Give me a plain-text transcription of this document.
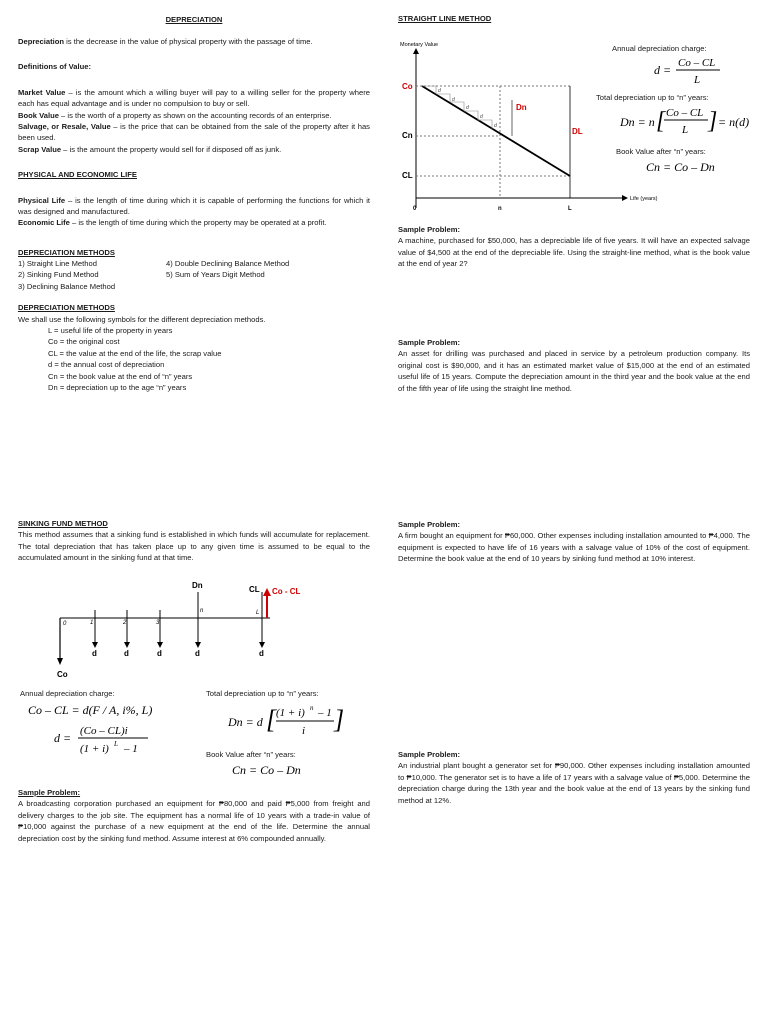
DEPRECIATION

Depreciation is the decrease in the value of physical property with the passage of time.

Definitions of Value:

Market Value – is the amount which a willing buyer will pay to a willing seller for the property where each has equal advantage and is under no compulsion to buy or sell.

Book Value – is the worth of a property as shown on the accounting records of an enterprise.

Salvage, or Resale, Value – is the price that can be obtained from the sale of the property after it has been used.

Scrap Value – is the amount the property would sell for if disposed off as junk.

PHYSICAL AND ECONOMIC LIFE

Physical Life – is the length of time during which it is capable of performing the functions for which it was designed and manufactured.

Economic Life – is the length of time during which the property may be operated at a profit.

DEPRECIATION METHODS
1) Straight Line Method	4) Double Declining Balance Method
2) Sinking Fund Method	5) Sum of Years Digit Method
3) Declining Balance Method
DEPRECIATION METHODS

We shall use the following symbols for the different depreciation methods.

L = useful life of the property in years

Co = the original cost

CL = the value at the end of the life, the scrap value

d = the annual cost of depreciation

Cn = the book value at the end of “n” years

Dn = depreciation up to the age “n” years

SINKING FUND METHOD

This method assumes that a sinking fund is established in which funds will accumulate for replacement. The total depreciation that has taken place up to any given time is assumed to be equal to the accumulated amount in the sinking fund at that time.

0
d
1
d
2
d
3
d
n
Dn
d
L
CL Co - CL
Co
Annual depreciation charge:
Co – CL = d(F / A, i%, L)
d = (Co – CL)i
(1 + i) L – 1
Total depreciation up to “n” years:
Dn = d [ (1 + i) n – 1
i ]
Book Value after “n” years:
Cn = Co – Dn
Sample Problem:

A broadcasting corporation purchased an equipment for ₱80,000 and paid ₱5,000 from freight and delivery charges to the job site. The equipment has a normal life of 10 years with a trade-in value of ₱10,000 against the purchase of a new equipment at the end of the life. Determine the annual depreciation cost by the sinking fund method. Assume interest at 6% compounded annually.

STRAIGHT LINE METHOD
Monetary Value
Life (years)
d
d
d
d
d
Dn
DL
Co
Cn
CL
0	n	L
Annual depreciation charge:
d = Co – CL
L
Total depreciation up to “n” years:
Dn = n [ Co – CL
L ] = n(d)
Book Value after “n” years:
Cn = Co – Dn
Sample Problem:

A machine, purchased for $50,000, has a depreciable life of five years. It will have an expected salvage value of $4,500 at the end of the depreciable life. Using the straight-line method, what is the book value at the end of year 2?

Sample Problem:

An asset for drilling was purchased and placed in service by a petroleum production company. Its original cost is $90,000, and it has an estimated market value of $15,000 at the end of an estimated useful life of 15 years. Compute the depreciation amount in the third year and the book value at the end of the fifth year of life using the straight line method.

Sample Problem:

A firm bought an equipment for ₱60,000. Other expenses including installation amounted to ₱4,000. The equipment is expected to have life of 16 years with a salvage value of 10% of the cost of equipment. Determine the book value at the end of 10 years by sinking fund method at 10% interest.

Sample Problem:

An industrial plant bought a generator set for ₱90,000. Other expenses including installation amounted to ₱10,000. The generator set is to have a life of 17 years with a salvage value of ₱5,000. Determine the depreciation charge during the 13th year and the book value at the end of 13 years by the sinking fund method at 12%.
